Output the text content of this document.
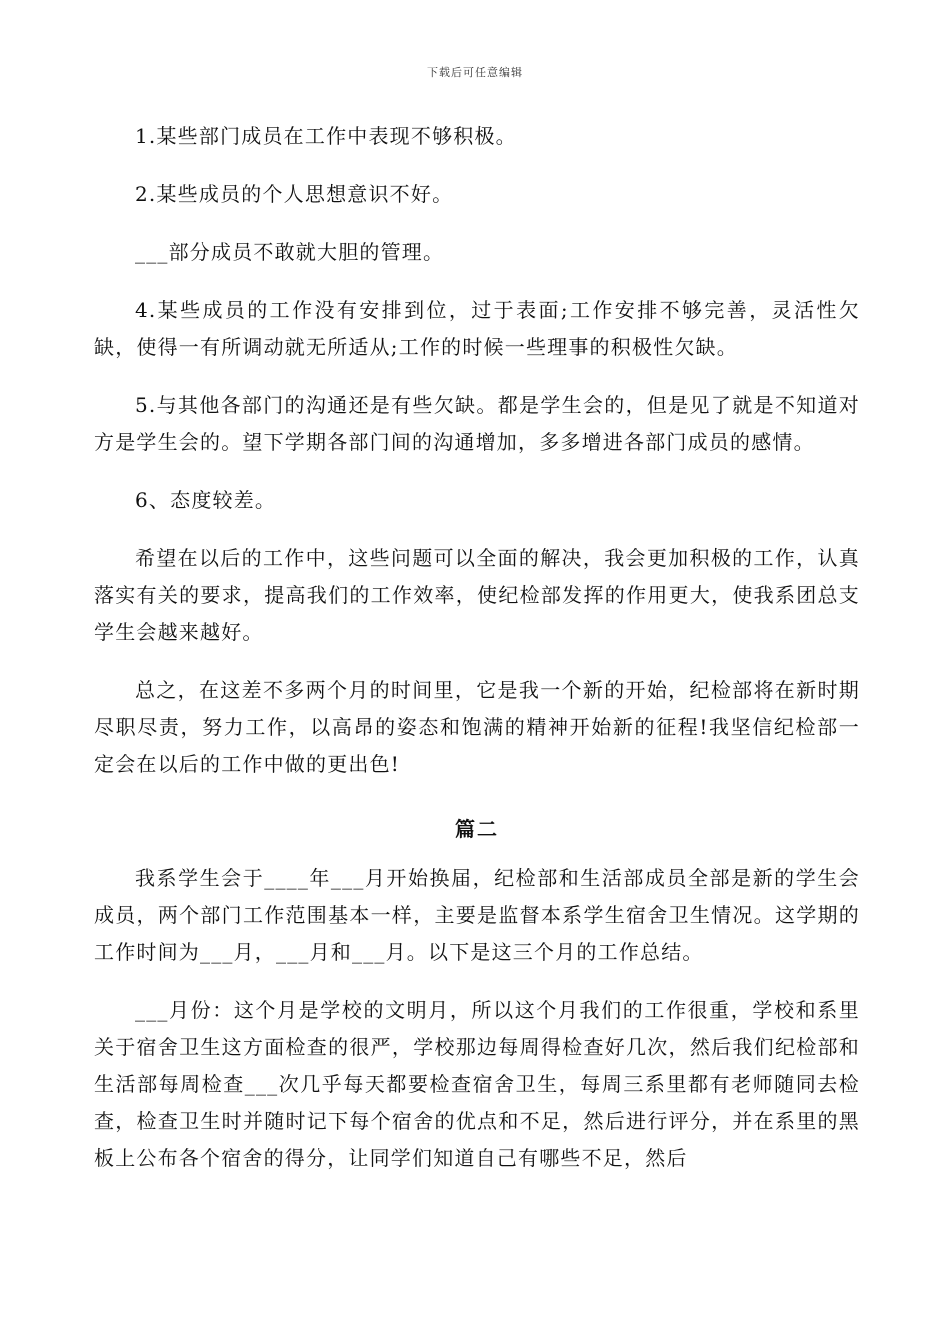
下载后可任意编辑

1.某些部门成员在工作中表现不够积极。

2.某些成员的个人思想意识不好。

___部分成员不敢就大胆的管理。

4.某些成员的工作没有安排到位，过于表面;工作安排不够完善，灵活性欠缺，使得一有所调动就无所适从;工作的时候一些理事的积极性欠缺。

5.与其他各部门的沟通还是有些欠缺。都是学生会的，但是见了就是不知道对方是学生会的。望下学期各部门间的沟通增加，多多增进各部门成员的感情。

6、态度较差。

希望在以后的工作中，这些问题可以全面的解决，我会更加积极的工作，认真落实有关的要求，提高我们的工作效率，使纪检部发挥的作用更大，使我系团总支学生会越来越好。

总之，在这差不多两个月的时间里，它是我一个新的开始，纪检部将在新时期尽职尽责，努力工作，以高昂的姿态和饱满的精神开始新的征程!我坚信纪检部一定会在以后的工作中做的更出色!

篇二

我系学生会于____年___月开始换届，纪检部和生活部成员全部是新的学生会成员，两个部门工作范围基本一样，主要是监督本系学生宿舍卫生情况。这学期的工作时间为___月，___月和___月。以下是这三个月的工作总结。

___月份：这个月是学校的文明月，所以这个月我们的工作很重，学校和系里关于宿舍卫生这方面检查的很严，学校那边每周得检查好几次，然后我们纪检部和生活部每周检查___次几乎每天都要检查宿舍卫生，每周三系里都有老师随同去检查，检查卫生时并随时记下每个宿舍的优点和不足，然后进行评分，并在系里的黑板上公布各个宿舍的得分，让同学们知道自己有哪些不足，然后
